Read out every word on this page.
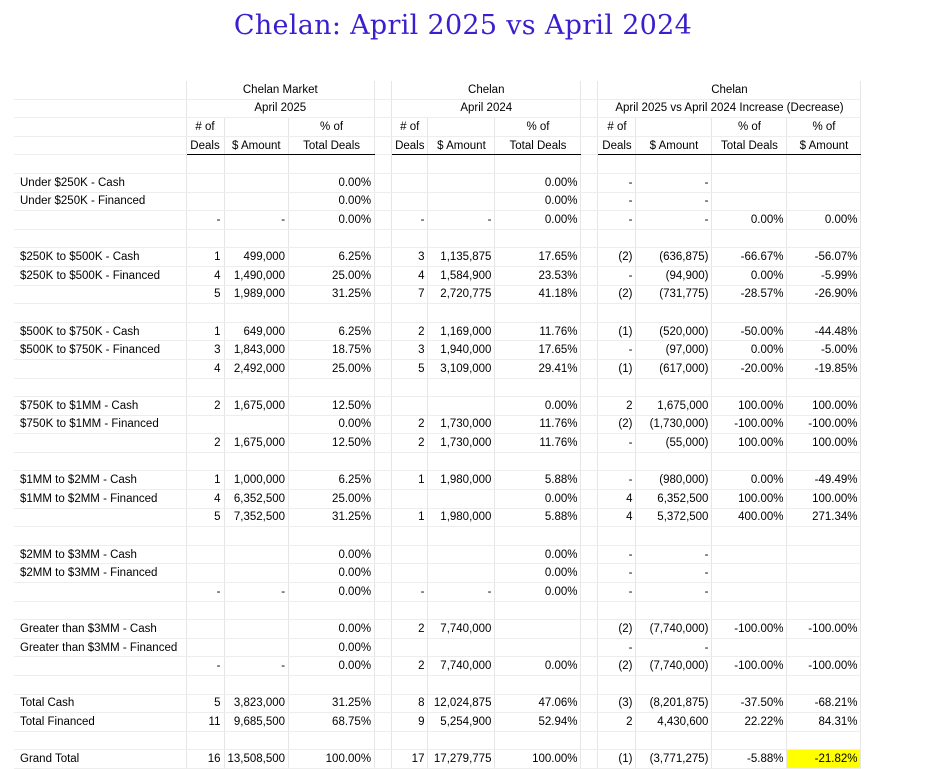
Chelan: April 2025 vs April 2024
	Chelan Market				Chelan				Chelan			
	April 2025				April 2024				April 2025 vs April 2024 Increase (Decrease)			
	# of		% of		# of		% of		# of		% of	% of
	Deals	$ Amount	Total Deals		Deals	$ Amount	Total Deals		Deals	$ Amount	Total Deals	$ Amount

Under $250K - Cash			0.00%				0.00%		-	-		
Under $250K - Financed			0.00%				0.00%		-	-		
	-	-	0.00%		-	-	0.00%		-	-	0.00%	0.00%

$250K to $500K - Cash	1	499,000	6.25%		3	1,135,875	17.65%		(2)	(636,875)	-66.67%	-56.07%
$250K to $500K - Financed	4	1,490,000	25.00%		4	1,584,900	23.53%		-	(94,900)	0.00%	-5.99%
	5	1,989,000	31.25%		7	2,720,775	41.18%		(2)	(731,775)	-28.57%	-26.90%

$500K to $750K - Cash	1	649,000	6.25%		2	1,169,000	11.76%		(1)	(520,000)	-50.00%	-44.48%
$500K to $750K - Financed	3	1,843,000	18.75%		3	1,940,000	17.65%		-	(97,000)	0.00%	-5.00%
	4	2,492,000	25.00%		5	3,109,000	29.41%		(1)	(617,000)	-20.00%	-19.85%

$750K to $1MM - Cash	2	1,675,000	12.50%				0.00%		2	1,675,000	100.00%	100.00%
$750K to $1MM - Financed			0.00%		2	1,730,000	11.76%		(2)	(1,730,000)	-100.00%	-100.00%
	2	1,675,000	12.50%		2	1,730,000	11.76%		-	(55,000)	100.00%	100.00%

$1MM to $2MM - Cash	1	1,000,000	6.25%		1	1,980,000	5.88%		-	(980,000)	0.00%	-49.49%
$1MM to $2MM - Financed	4	6,352,500	25.00%				0.00%		4	6,352,500	100.00%	100.00%
	5	7,352,500	31.25%		1	1,980,000	5.88%		4	5,372,500	400.00%	271.34%

$2MM to $3MM - Cash			0.00%				0.00%		-	-		
$2MM to $3MM - Financed			0.00%				0.00%		-	-		
	-	-	0.00%		-	-	0.00%		-	-		

Greater than $3MM - Cash			0.00%		2	7,740,000			(2)	(7,740,000)	-100.00%	-100.00%
Greater than $3MM - Financed			0.00%						-	-		
	-	-	0.00%		2	7,740,000	0.00%		(2)	(7,740,000)	-100.00%	-100.00%

Total Cash	5	3,823,000	31.25%		8	12,024,875	47.06%		(3)	(8,201,875)	-37.50%	-68.21%
Total Financed	11	9,685,500	68.75%		9	5,254,900	52.94%		2	4,430,600	22.22%	84.31%

Grand Total	16	13,508,500	100.00%		17	17,279,775	100.00%		(1)	(3,771,275)	-5.88%	-21.82%
